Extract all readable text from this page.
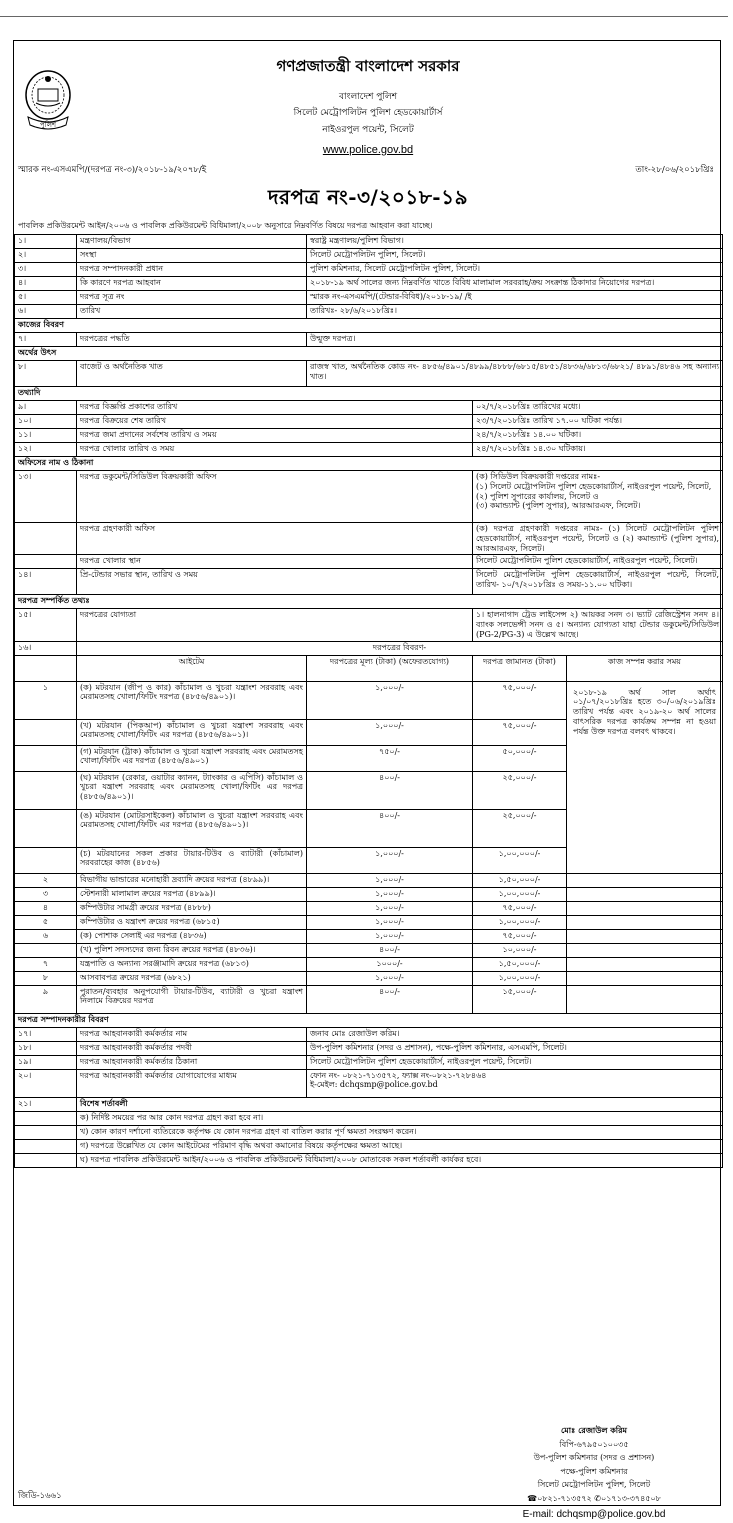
পুলিশ
গণপ্রজাতন্ত্রী বাংলাদেশ সরকার
বাংলাদেশ পুলিশ
সিলেট মেট্রোপলিটন পুলিশ হেডকোয়ার্টার্স
নাইওরপুল পয়েন্ট, সিলেট
www.police.gov.bd
স্মারক নং-এসএমপি/(দরপত্র নং-৩)/২০১৮-১৯/২০৭৮/ই	তাং-২৮/০৬/২০১৮খ্রিঃ
দরপত্র নং-৩/২০১৮-১৯
পাবলিক প্রকিউরমেন্ট আইন/২০০৬ ও পাবলিক প্রকিউরমেন্ট বিধিমালা/২০০৮ অনুসারে নিম্নবর্ণিত বিষয়ে দরপত্র আহবান করা যাচ্ছে।
১।	মন্ত্রণালয়/বিভাগ	স্বরাষ্ট্র মন্ত্রণালয়/পুলিশ বিভাগ।		
২।	সংস্থা	সিলেট মেট্রোপলিটন পুলিশ, সিলেট।		
৩।	দরপত্র সম্পাদনকারী প্রধান	পুলিশ কমিশনার, সিলেট মেট্রোপলিটন পুলিশ, সিলেট।		
৪।	কি কারণে দরপত্র আহবান	২০১৮-১৯ অর্থ সালের জন্য নিম্নবর্ণিত খাতে বিবিধ মালামাল সরবরাহ/ক্রয় সংক্রান্ত ঠিকাদার নিয়োগের দরপত্র।		
৫।	দরপত্র সূত্র নং	স্মারক নং-এসএমপি/(টেন্ডার-বিবিধ)/২০১৮-১৯/ /ই		
৬।	তারিখ	তারিখঃ- ২৮/৬/২০১৮খ্রিঃ।		
কাজের বিবরণ				
৭।	দরপত্রের পদ্ধতি	উন্মুক্ত দরপত্র।		
অর্থের উৎস				
৮।	বাজেট ও অর্থনৈতিক খাত	রাজস্ব খাত, অর্থনৈতিক কোড নং- ৪৮৫৬/৪৯০১/৪৮৯৯/৪৮৮৮/৬৮১৫/৪৮৫১/৪৮৩৬/৬৮১৩/৬৮২১/ ৪৮৯১/৪৮৪৬ সহ অন্যান্য খাত।		
তথ্যাদি				
৯।	দরপত্র বিজ্ঞপ্তি প্রকাশের তারিখ		০২/৭/২০১৮খ্রিঃ তারিখের মধ্যে।	
১০।	দরপত্র বিক্রয়ের শেষ তারিখ		২৩/৭/২০১৮খ্রিঃ তারিখ ১৭.০০ ঘটিকা পর্যন্ত।	
১১।	দরপত্র জমা প্রদানের সর্বশেষ তারিখ ও সময়		২৪/৭/২০১৮খ্রিঃ ১৪.০০ ঘটিকা।	
১২।	দরপত্র খোলার তারিখ ও সময়		২৪/৭/২০১৮খ্রিঃ ১৪.৩০ ঘটিকায়।	
অফিসের নাম ও ঠিকানা				
১৩।	দরপত্র ডকুমেন্ট/সিডিউল বিক্রয়কারী অফিস		(ক) সিডিউল বিক্রয়কারী দপ্তরের নামঃ-
(১) সিলেট মেট্রোপলিটন পুলিশ হেডকোয়ার্টার্স, নাইওরপুল পয়েন্ট, সিলেট, (২) পুলিশ সুপারের কার্যালয়, সিলেট ও
(৩) কমান্ড্যান্ট (পুলিশ সুপার), আরআরএফ, সিলেট।	

	দরপত্র গ্রহণকারী অফিস		(ক) দরপত্র গ্রহণকারী দপ্তরের নামঃ- (১) সিলেট মেট্রোপলিটন পুলিশ হেডকোয়ার্টার্স, নাইওরপুল পয়েন্ট, সিলেট ও (২) কমান্ড্যান্ট (পুলিশ সুপার), আরআরএফ, সিলেট।	
	দরপত্র খোলার স্থান		সিলেট মেট্রোপলিটন পুলিশ হেডকোয়ার্টার্স, নাইওরপুল পয়েন্ট, সিলেট।	
১৪।	প্রি-টেন্ডার সভার স্থান, তারিখ ও সময়		সিলেট মেট্রোপলিটন পুলিশ হেডকোয়ার্টার্স, নাইওরপুল পয়েন্ট, সিলেট, তারিখ- ১০/৭/২০১৮খ্রিঃ ও সময়-১১.০০ ঘটিকা।	
দরপত্র সম্পর্কিত তথ্যঃ				
১৫।	দরপত্রের যোগ্যতা		১। হালনাগাদ ট্রেড লাইসেন্স ২) আয়কর সনদ ৩। ভ্যাট রেজিস্ট্রেশন সনদ ৪। ব্যাংক সলভেন্সী সনদ ও ৫। অন্যান্য যোগ্যতা যাহা টেন্ডার ডকুমেন্ট/সিডিউল (PG-2/PG-3) এ উল্লেখ আছে।	
১৬।	দরপত্রের বিবরণ-			
	আইটেম	দরপত্রের মূল্য (টাকা) (অফেরতযোগ্য)	দরপত্র জামানত (টাকা)	কাজ সম্পন্ন করার সময়
১	(ক) মটরযান (জীপ ও কার) কাঁচামাল ও খুচরা যন্ত্রাংশ সরবরাহ এবং মেরামতসহ খোলা/ফিটিং দরপত্র (৪৮৫৬/৪৯০১)।	১,০০০/-	৭৫,০০০/-	২০১৮-১৯ অর্থ সাল অর্থাৎ ০১/০৭/২০১৮খ্রিঃ হতে ৩০/০৬/২০১৯খ্রিঃ তারিখ পর্যন্ত এবং ২০১৯-২০ অর্থ সালের বাৎসরিক দরপত্র কার্যক্রম সম্পন্ন না হওয়া পর্যন্ত উক্ত দরপত্র বলবৎ থাকবে।
	(খ) মটরযান (পিকআপ) কাঁচামাল ও খুচরা যন্ত্রাংশ সরবরাহ এবং মেরামতসহ খোলা/ফিটিং এর দরপত্র (৪৮৫৬/৪৯০১)।	১,০০০/-	৭৫,০০০/-	
	(গ) মটরযান (ট্রাক) কাঁচামাল ও খুচরা যন্ত্রাংশ সরবরাহ এবং মেরামতসহ খোলা/ফিটিং এর দরপত্র (৪৮৫৬/৪৯০১)	৭৫০/-	৫০,০০০/-	
	(ঘ) মটরযান (রেকার, ওয়াটার ক্যানন, ট্যাংকার ও এপিসি) কাঁচামাল ও খুচরা যন্ত্রাংশ সরবরাহ এবং মেরামতসহ খোলা/ফিটিং এর দরপত্র (৪৮৫৬/৪৯০১)।	৪০০/-	২৫,০০০/-	
	(ঙ) মটরযান (মোটরসাইকেল) কাঁচামাল ও খুচরা যন্ত্রাংশ সরবরাহ এবং মেরামতসহ খোলা/ফিটিং এর দরপত্র (৪৮৫৬/৪৯০১)।	৪০০/-	২৫,০০০/-	
	(চ) মটরযানের সকল প্রকার টায়ার-টিউব ও ব্যাটারী (কাঁচামাল) সরবরাহের কাজ (৪৮৫৬)	১,০০০/-	১,০০,০০০/-	
২	বিভাগীয় ভান্ডারের মনোহারী দ্রব্যাদি ক্রয়ের দরপত্র (৪৮৯৯)।	১,০০০/-	১,৫০,০০০/-	
৩	স্টেশনারী মালামাল ক্রয়ের দরপত্র (৪৮৯৯)।	১,০০০/-	১,০০,০০০/-	
৪	কম্পিউটার সামগ্রী ক্রয়ের দরপত্র (৪৮৮৮)	১,০০০/-	৭৫,০০০/-	
৫	কম্পিউটার ও যন্ত্রাংশ ক্রয়ের দরপত্র (৬৮১৫)	১,০০০/-	১,০০,০০০/-	
৬	(ক) পোশাক সেলাই এর দরপত্র (৪৮৩৬)	১,০০০/-	৭৫,০০০/-	
	(খ) পুলিশ সদস্যদের জন্য রিবন ক্রয়ের দরপত্র (৪৮৩৬)।	৪০০/-	১০,০০০/-	
৭	যন্ত্রপাতি ও অন্যান্য সরঞ্জামাদি ক্রয়ের দরপত্র (৬৮১৩)	১০০০/-	১,৫০,০০০/-	
৮	আসবাবপত্র ক্রয়ের দরপত্র (৬৮২১)	১,০০০/-	১,০০,০০০/-	
৯	পুরাতন/ব্যবহার অনুপযোগী টায়ার-টিউব, ব্যাটারী ও খুচরা যন্ত্রাংশ নিলামে বিক্রয়ের দরপত্র	৪০০/-	১৫,০০০/-	
দরপত্র সম্পাদনকারীর বিবরণ				
১৭।	দরপত্র আহবানকারী কর্মকর্তার নাম	জনাব মোঃ রেজাউল করিম।		
১৮।	দরপত্র আহবানকারী কর্মকর্তার পদবী	উপ-পুলিশ কমিশনার (সদর ও প্রশাসন), পক্ষে-পুলিশ কমিশনার, এসএমপি, সিলেট।		
১৯।	দরপত্র আহবানকারী কর্মকর্তার ঠিকানা	সিলেট মেট্রোপলিটন পুলিশ হেডকোয়ার্টার্স, নাইওরপুল পয়েন্ট, সিলেট।		
২০।	দরপত্র আহবানকারী কর্মকর্তার যোগাযোগের মাধ্যম	ফোন নং- ০৮২১-৭১৩৫৭২, ফ্যাক্স নং-০৮২১-৭২৮৪৬৪
ই-মেইল: dchqsmp@police.gov.bd		

২১।	বিশেষ শর্তাবলী			
	ক) নির্দিষ্ট সময়ের পর আর কোন দরপত্র গ্রহণ করা হবে না।			
	খ) কোন কারণ দর্শানো ব্যতিরেকে কর্তৃপক্ষ যে কোন দরপত্র গ্রহণ বা বাতিল করার পূর্ণ ক্ষমতা সংরক্ষণ করেন।			
	গ) দরপত্রে উল্লেখিত যে কোন আইটেমের পরিমাণ বৃদ্ধি অথবা কমানোর বিষয়ে কর্তৃপক্ষের ক্ষমতা আছে।			
	ঘ) দরপত্র পাবলিক প্রকিউরমেন্ট আইন/২০০৬ ও পাবলিক প্রকিউরমেন্ট বিধিমালা/২০০৮ মোতাবেক সকল শর্তাবলী কার্যকর হবে।			
মোঃ রেজাউল করিম
বিপি-৬৭৯৫০১০০৩৫
উপ-পুলিশ কমিশনার (সদর ও প্রশাসন)
পক্ষে-পুলিশ কমিশনার
সিলেট মেট্রোপলিটন পুলিশ, সিলেট
☎০৮২১-৭১৩৫৭২ ✆০১৭১৩-৩৭৪৫০৮
E-mail: dchqsmp@police.gov.bd
জিডি-১৬৬১
